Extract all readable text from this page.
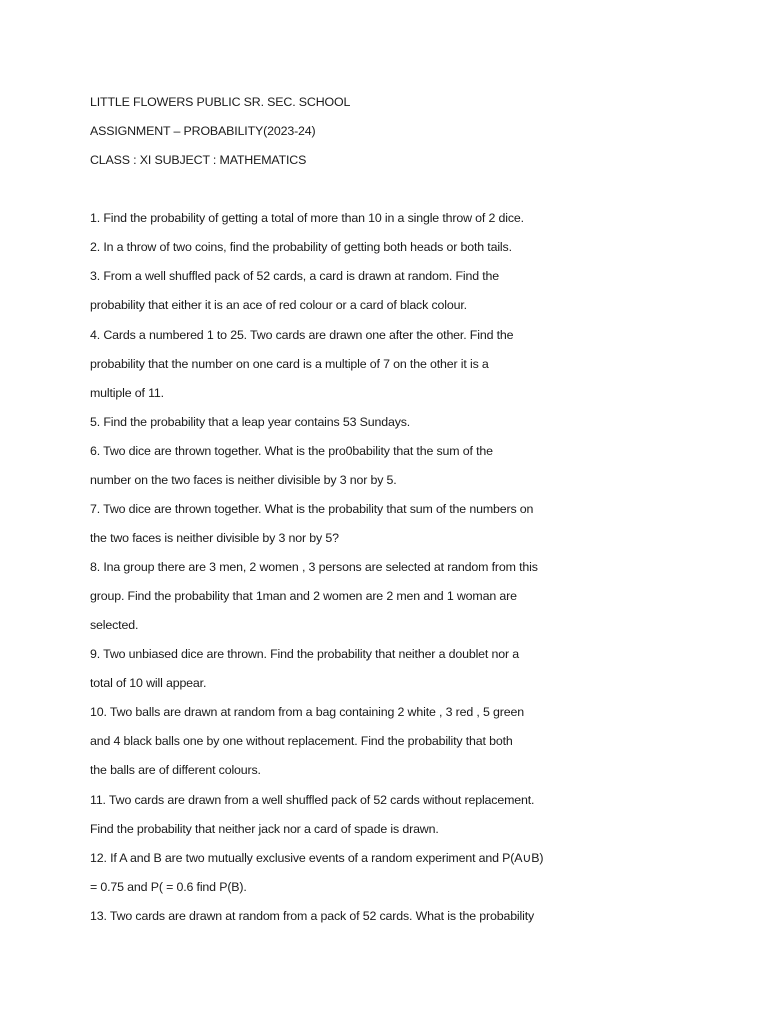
LITTLE FLOWERS PUBLIC SR. SEC. SCHOOL
ASSIGNMENT – PROBABILITY(2023-24)
CLASS : XI SUBJECT : MATHEMATICS
1. Find the probability of getting a total of more than 10 in a single throw of 2 dice.
2. In a throw of two coins, find the probability of getting both heads or both tails.
3. From a well shuffled pack of 52 cards, a card is drawn at random. Find the
probability that either it is an ace of red colour or a card of black colour.
4. Cards a numbered 1 to 25. Two cards are drawn one after the other. Find the
probability that the number on one card is a multiple of 7 on the other it is a
multiple of 11.
5. Find the probability that a leap year contains 53 Sundays.
6. Two dice are thrown together. What is the pro0bability that the sum of the
number on the two faces is neither divisible by 3 nor by 5.
7. Two dice are thrown together. What is the probability that sum of the numbers on
the two faces is neither divisible by 3 nor by 5?
8. Ina group there are 3 men, 2 women , 3 persons are selected at random from this
group. Find the probability that 1man and 2 women are 2 men and 1 woman are
selected.
9. Two unbiased dice are thrown. Find the probability that neither a doublet nor a
total of 10 will appear.
10. Two balls are drawn at random from a bag containing 2 white , 3 red , 5 green
and 4 black balls one by one without replacement. Find the probability that both
the balls are of different colours.
11. Two cards are drawn from a well shuffled pack of 52 cards without replacement.
Find the probability that neither jack nor a card of spade is drawn.
12. If A and B are two mutually exclusive events of a random experiment and P(A∪B)
= 0.75 and P( = 0.6 find P(B).
13. Two cards are drawn at random from a pack of 52 cards. What is the probability
